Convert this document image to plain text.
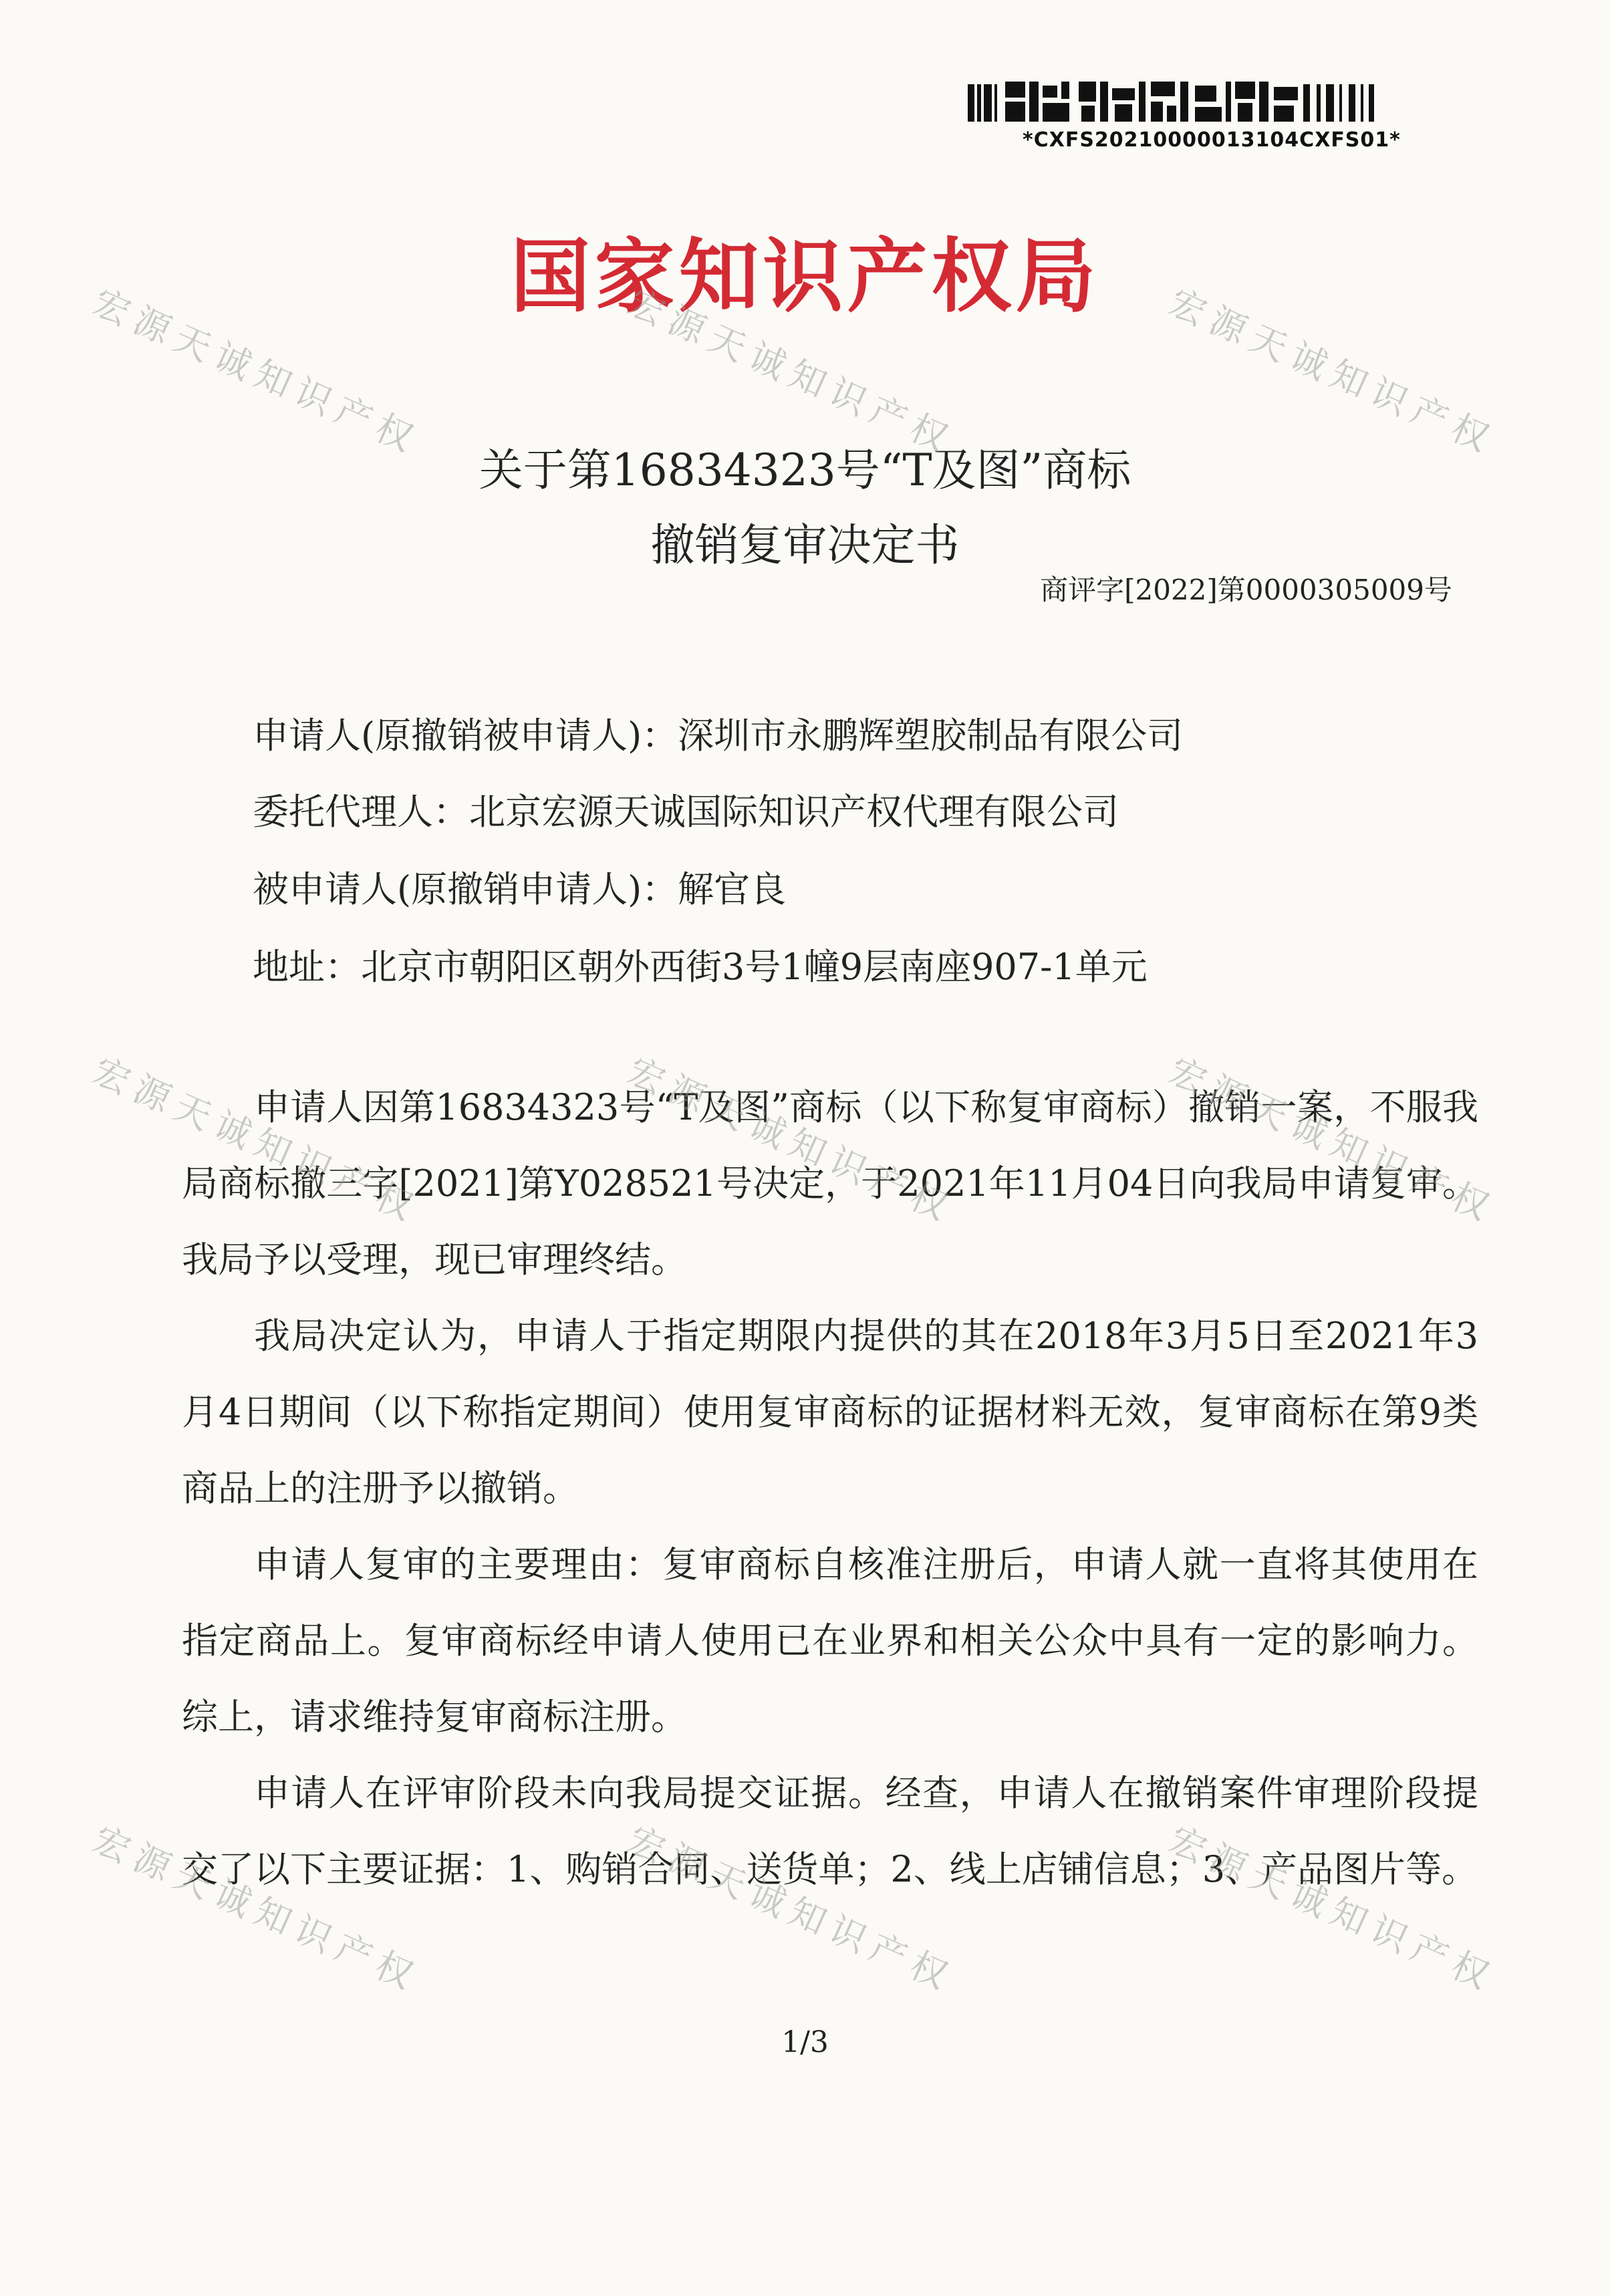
*CXFS20210000013104CXFS01*
国家知识产权局
关于第16834323号“T及图”商标
撤销复审决定书
商评字[2022]第0000305009号
申请人(原撤销被申请人)：深圳市永鹏辉塑胶制品有限公司
委托代理人：北京宏源天诚国际知识产权代理有限公司
被申请人(原撤销申请人)：解官良
地址：北京市朝阳区朝外西街3号1幢9层南座907-1单元

申请人因第16834323号“T及图”商标（以下称复审商标）撤销一案，不服我局商标撤三字[2021]第Y028521号决定，于2021年11月04日向我局申请复审。我局予以受理，现已审理终结。

我局决定认为，申请人于指定期限内提供的其在2018年3月5日至2021年3月4日期间（以下称指定期间）使用复审商标的证据材料无效，复审商标在第9类商品上的注册予以撤销。

申请人复审的主要理由：复审商标自核准注册后，申请人就一直将其使用在指定商品上。复审商标经申请人使用已在业界和相关公众中具有一定的影响力。综上，请求维持复审商标注册。

申请人在评审阶段未向我局提交证据。经查，申请人在撤销案件审理阶段提交了以下主要证据：1、购销合同、送货单；2、线上店铺信息；3、产品图片等。

1/3
宏源天诚知识产权	宏源天诚知识产权	宏源天诚知识产权
宏源天诚知识产权	宏源天诚知识产权	宏源天诚知识产权
宏源天诚知识产权	宏源天诚知识产权	宏源天诚知识产权
